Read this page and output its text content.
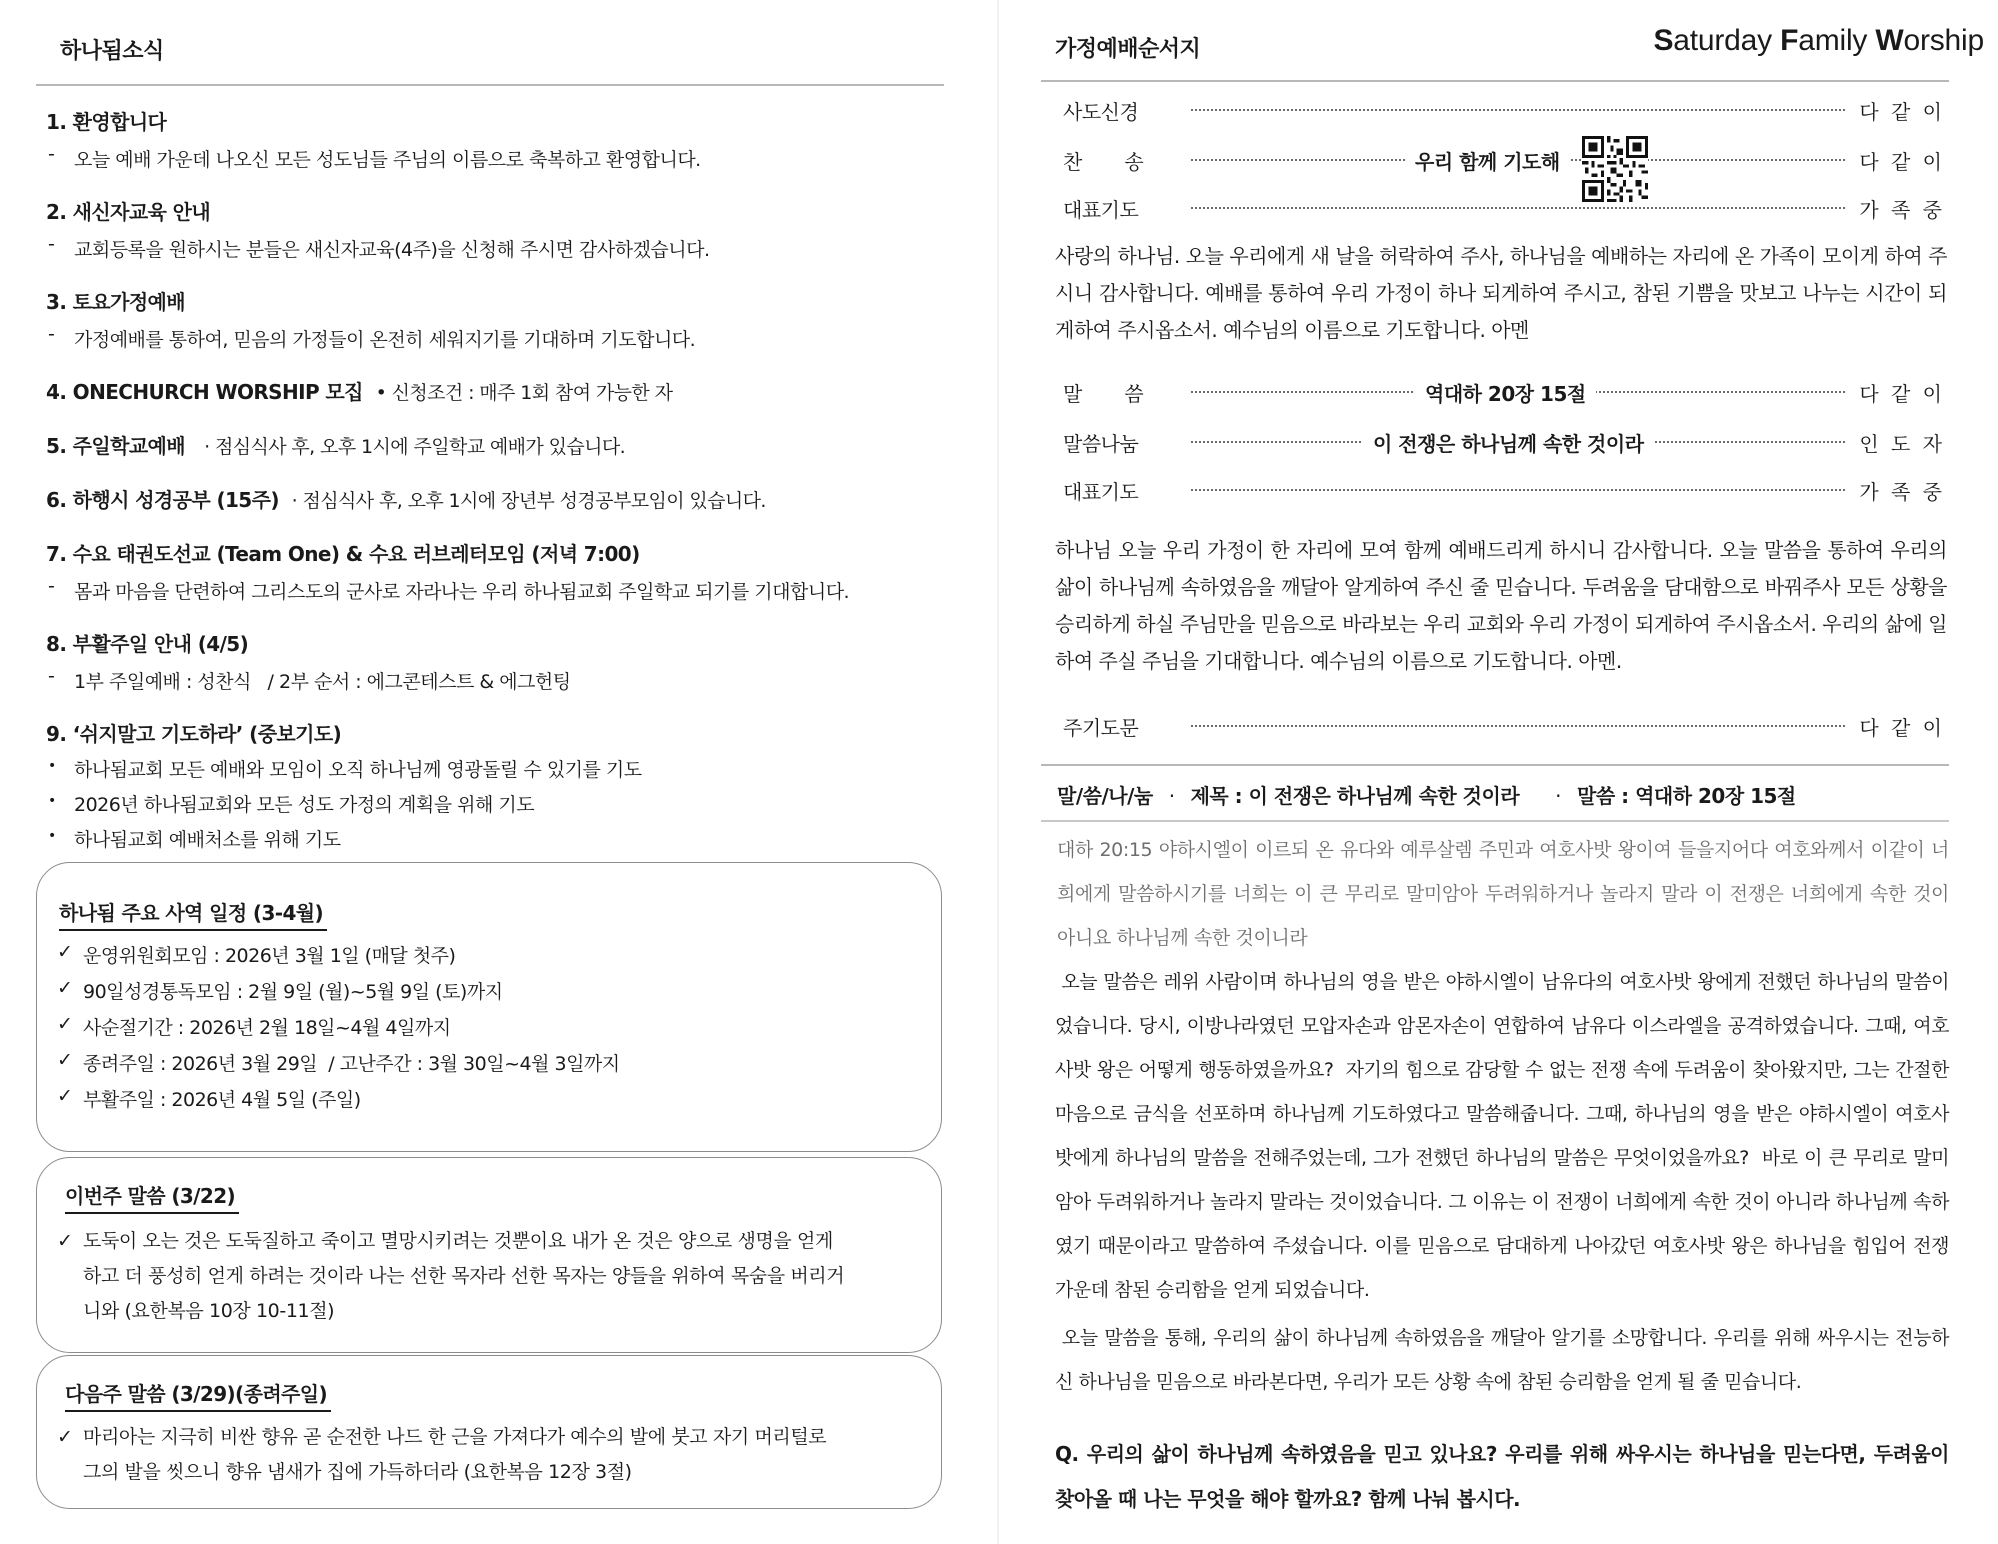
하나됨소식
1. 환영합니다
- 오늘 예배 가운데 나오신 모든 성도님들 주님의 이름으로 축복하고 환영합니다.
2. 새신자교육 안내
- 교회등록을 원하시는 분들은 새신자교육(4주)을 신청해 주시면 감사하겠습니다.
3. 토요가정예배
- 가정예배를 통하여, 믿음의 가정들이 온전히 세워지기를 기대하며 기도합니다.
4. ONECHURCH WORSHIP 모집 • 신청조건 : 매주 1회 참여 가능한 자
5. 주일학교예배 · 점심식사 후, 오후 1시에 주일학교 예배가 있습니다.
6. 하행시 성경공부 (15주) · 점심식사 후, 오후 1시에 장년부 성경공부모임이 있습니다.
7. 수요 태권도선교 (Team One) & 수요 러브레터모임 (저녁 7:00)
- 몸과 마음을 단련하여 그리스도의 군사로 자라나는 우리 하나됨교회 주일학교 되기를 기대합니다.
8. 부활주일 안내 (4/5)
- 1부 주일예배 : 성찬식   / 2부 순서 : 에그콘테스트 & 에그헌팅
9. ‘쉬지말고 기도하라’ (중보기도)
• 하나됨교회 모든 예배와 모임이 오직 하나님께 영광돌릴 수 있기를 기도
• 2026년 하나됨교회와 모든 성도 가정의 계획을 위해 기도
• 하나됨교회 예배처소를 위해 기도
하나됨 주요 사역 일정 (3-4월)
✓ 운영위원회모임 : 2026년 3월 1일 (매달 첫주)
✓ 90일성경통독모임 : 2월 9일 (월)~5월 9일 (토)까지
✓ 사순절기간 : 2026년 2월 18일~4월 4일까지
✓ 종려주일 : 2026년 3월 29일  / 고난주간 : 3월 30일~4월 3일까지
✓ 부활주일 : 2026년 4월 5일 (주일)
이번주 말씀 (3/22)
✓ 도둑이 오는 것은 도둑질하고 죽이고 멸망시키려는 것뿐이요 내가 온 것은 양으로 생명을 얻게
하고 더 풍성히 얻게 하려는 것이라 나는 선한 목자라 선한 목자는 양들을 위하여 목숨을 버리거
니와 (요한복음 10장 10-11절)
다음주 말씀 (3/29)(종려주일)
✓ 마리아는 지극히 비싼 향유 곧 순전한 나드 한 근을 가져다가 예수의 발에 붓고 자기 머리털로
그의 발을 씻으니 향유 냄새가 집에 가득하더라 (요한복음 12장 3절)
가정예배순서지	Saturday Family Worship
사도신경	다 같 이
찬송	우리 함께 기도해	다 같 이
대표기도	가 족 중
사랑의 하나님. 오늘 우리에게 새 날을 허락하여 주사, 하나님을 예배하는 자리에 온 가족이 모이게 하여 주시니 감사합니다. 예배를 통하여 우리 가정이 하나 되게하여 주시고, 참된 기쁨을 맛보고 나누는 시간이 되게하여 주시옵소서. 예수님의 이름으로 기도합니다. 아멘
말씀	역대하 20장 15절	다 같 이
말씀나눔	이 전쟁은 하나님께 속한 것이라	인 도 자
대표기도	가 족 중
하나님 오늘 우리 가정이 한 자리에 모여 함께 예배드리게 하시니 감사합니다. 오늘 말씀을 통하여 우리의 삶이 하나님께 속하였음을 깨달아 알게하여 주신 줄 믿습니다. 두려움을 담대함으로 바꿔주사 모든 상황을 승리하게 하실 주님만을 믿음으로 바라보는 우리 교회와 우리 가정이 되게하여 주시옵소서. 우리의 삶에 일하여 주실 주님을 기대합니다. 예수님의 이름으로 기도합니다. 아멘.
주기도문	다 같 이
말/씀/나/눔 · 제목 : 이 전쟁은 하나님께 속한 것이라 · 말씀 : 역대하 20장 15절
대하 20:15 야하시엘이 이르되 온 유다와 예루살렘 주민과 여호사밧 왕이여 들을지어다 여호와께서 이같이 너희에게 말씀하시기를 너희는 이 큰 무리로 말미암아 두려워하거나 놀라지 말라 이 전쟁은 너희에게 속한 것이 아니요 하나님께 속한 것이니라
오늘 말씀은 레위 사람이며 하나님의 영을 받은 야하시엘이 남유다의 여호사밧 왕에게 전했던 하나님의 말씀이었습니다. 당시, 이방나라였던 모압자손과 암몬자손이 연합하여 남유다 이스라엘을 공격하였습니다. 그때, 여호사밧 왕은 어떻게 행동하였을까요?  자기의 힘으로 감당할 수 없는 전쟁 속에 두려움이 찾아왔지만, 그는 간절한 마음으로 금식을 선포하며 하나님께 기도하였다고 말씀해줍니다. 그때, 하나님의 영을 받은 야하시엘이 여호사밧에게 하나님의 말씀을 전해주었는데, 그가 전했던 하나님의 말씀은 무엇이었을까요?  바로 이 큰 무리로 말미암아 두려워하거나 놀라지 말라는 것이었습니다. 그 이유는 이 전쟁이 너희에게 속한 것이 아니라 하나님께 속하였기 때문이라고 말씀하여 주셨습니다. 이를 믿음으로 담대하게 나아갔던 여호사밧 왕은 하나님을 힘입어 전쟁 가운데 참된 승리함을 얻게 되었습니다.
오늘 말씀을 통해, 우리의 삶이 하나님께 속하였음을 깨달아 알기를 소망합니다. 우리를 위해 싸우시는 전능하신 하나님을 믿음으로 바라본다면, 우리가 모든 상황 속에 참된 승리함을 얻게 될 줄 믿습니다.
Q. 우리의 삶이 하나님께 속하였음을 믿고 있나요? 우리를 위해 싸우시는 하나님을 믿는다면, 두려움이 찾아올 때 나는 무엇을 해야 할까요? 함께 나눠 봅시다.
